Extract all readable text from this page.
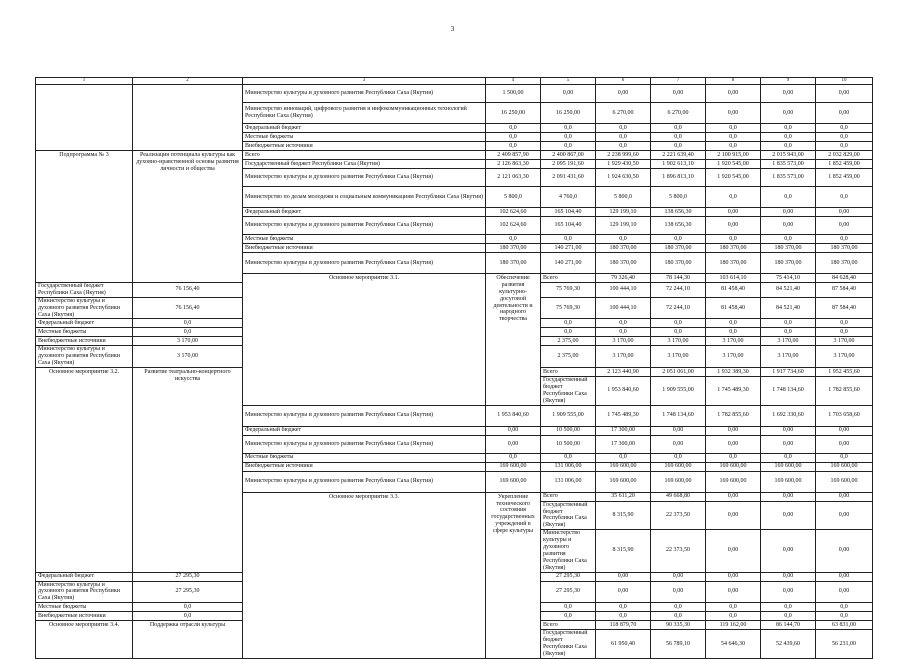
3
1	2	3	4	5	6	7	8	9	10	
		Министерство культуры и духовного развития Республики Саха (Якутия)	1 500,00	0,00	0,00	0,00	0,00	0,00	0,00	
		Министерство инноваций, цифрового развития и инфокоммуникационных технологий Республики Саха (Якутия)	16 250,00	16 250,00	6 270,00	6 270,00	0,00	0,00	0,00	
		Федеральный бюджет	0,0	0,0	0,0	0,0	0,0	0,0	0,0	
		Местные бюджеты	0,0	0,0	0,0	0,0	0,0	0,0	0,0	
		Внебюджетные источники	0,0	0,0	0,0	0,0	0,0	0,0	0,0	
Подпрограмма № 3	Реализация потенциала культуры как духовно-нравственной основы развития личности и общества	Всего	2 409 857,90	2 400 867,00	2 238 999,60	2 221 639,40	2 100 915,00	2 015 943,00	2 032 829,00	
		Государственный бюджет Республики Саха (Якутия)	2 126 863,30	2 095 191,60	1 929 430,50	1 902 613,10	1 920 545,00	1 835 573,00	1 852 459,00	
		Министерство культуры и духовного развития Республики Саха (Якутия)	2 121 063,30	2 091 431,60	1 924 630,50	1 896 813,10	1 920 545,00	1 835 573,00	1 852 459,00	
		Министерство по делам молодежи и социальным коммуникациям Республики Саха (Якутия)	5 800,0	4 760,0	5 800,0	5 800,0	0,0	0,0	0,0	
		Федеральный бюджет	102 624,60	165 104,40	129 199,10	138 656,30	0,00	0,00	0,00	
		Министерство культуры и духовного развития Республики Саха (Якутия)	102 624,60	165 104,40	129 199,10	138 656,30	0,00	0,00	0,00	
		Местные бюджеты	0,0	0,0	0,0	0,0	0,0	0,0	0,0	
		Внебюджетные источники	180 370,00	140 271,00	180 370,00	180 370,00	180 370,00	180 370,00	180 370,00	
		Министерство культуры и духовного развития Республики Саха (Якутия)	180 370,00	140 271,00	180 370,00	180 370,00	180 370,00	180 370,00	180 370,00	
		Основное мероприятие 3.1.	Обеспечение развития культурно-досуговой деятельности и народного творчества	Всего	79 326,40	78 144,30	103 614,10	75 414,10	84 628,40		
Государственный бюджет Республики Саха (Якутия)	76 156,40			75 769,30	100 444,10	72 244,10	81 458,40	84 521,40	87 584,40	
Министерство культуры и духовного развития Республики Саха (Якутия)	76 156,40			75 769,30	100 444,10	72 244,10	81 458,40	84 521,40	87 584,40	
Федеральный бюджет	0,0			0,0	0,0	0,0	0,0	0,0	0,0	
Местные бюджеты	0,0			0,0	0,0	0,0	0,0	0,0	0,0	
Внебюджетные источники	3 170,00			2 375,00	3 170,00	3 170,00	3 170,00	3 170,00	3 170,00	
Министерство культуры и духовного развития Республики Саха (Якутия)	3 170,00			2 375,00	3 170,00	3 170,00	3 170,00	3 170,00	3 170,00	
Основное мероприятие 3.2.	Развитие театрально-концертного искусства			Всего	2 123 440,90	2 051 061,00	1 932 389,30	1 917 734,60	1 952 455,60		
				Государственный бюджет Республики Саха (Якутия)	1 953 840,60	1 909 555,00	1 745 489,30	1 748 134,60	1 782 855,60		
		Министерство культуры и духовного развития Республики Саха (Якутия)	1 953 840,60	1 909 555,00	1 745 489,30	1 748 134,60	1 782 855,60	1 692 330,60	1 703 658,60	
		Федеральный бюджет	0,00	10 500,00	17 300,00	0,00	0,00	0,00	0,00	
		Министерство культуры и духовного развития Республики Саха (Якутия)	0,00	10 500,00	17 300,00	0,00	0,00	0,00	0,00	
		Местные бюджеты	0,0	0,0	0,0	0,0	0,0	0,0	0,0	
		Внебюджетные источники	169 600,00	131 006,00	169 600,00	169 600,00	169 600,00	169 600,00	169 600,00	
		Министерство культуры и духовного развития Республики Саха (Якутия)	169 600,00	131 006,00	169 600,00	169 600,00	169 600,00	169 600,00	169 600,00	
		Основное мероприятие 3.3.	Укрепление технического состояния государственных учреждений в сфере культуры	Всего	35 611,20	49 668,80	0,00	0,00	0,00		
				Государственный бюджет Республики Саха (Якутия)	8 315,90	22 373,50	0,00	0,00	0,00		
				Министерство культуры и духовного развития Республики Саха (Якутия)	8 315,90	22 373,50	0,00	0,00	0,00		
Федеральный бюджет	27 295,30			27 295,30	0,00	0,00	0,00	0,00	0,00	
Министерство культуры и духовного развития Республики Саха (Якутия)	27 295,30			27 295,30	0,00	0,00	0,00	0,00	0,00	
Местные бюджеты	0,0			0,0	0,0	0,0	0,0	0,0	0,0	
Внебюджетные источники	0,0			0,0	0,0	0,0	0,0	0,0	0,0	
Основное мероприятие 3.4.	Поддержка отрасли культуры			Всего	118 879,70	90 335,30	119 162,00	86 144,70	63 831,00		
				Государственный бюджет Республики Саха (Якутия)	61 950,40	56 789,10	54 646,30	52 439,60	56 231,00		
